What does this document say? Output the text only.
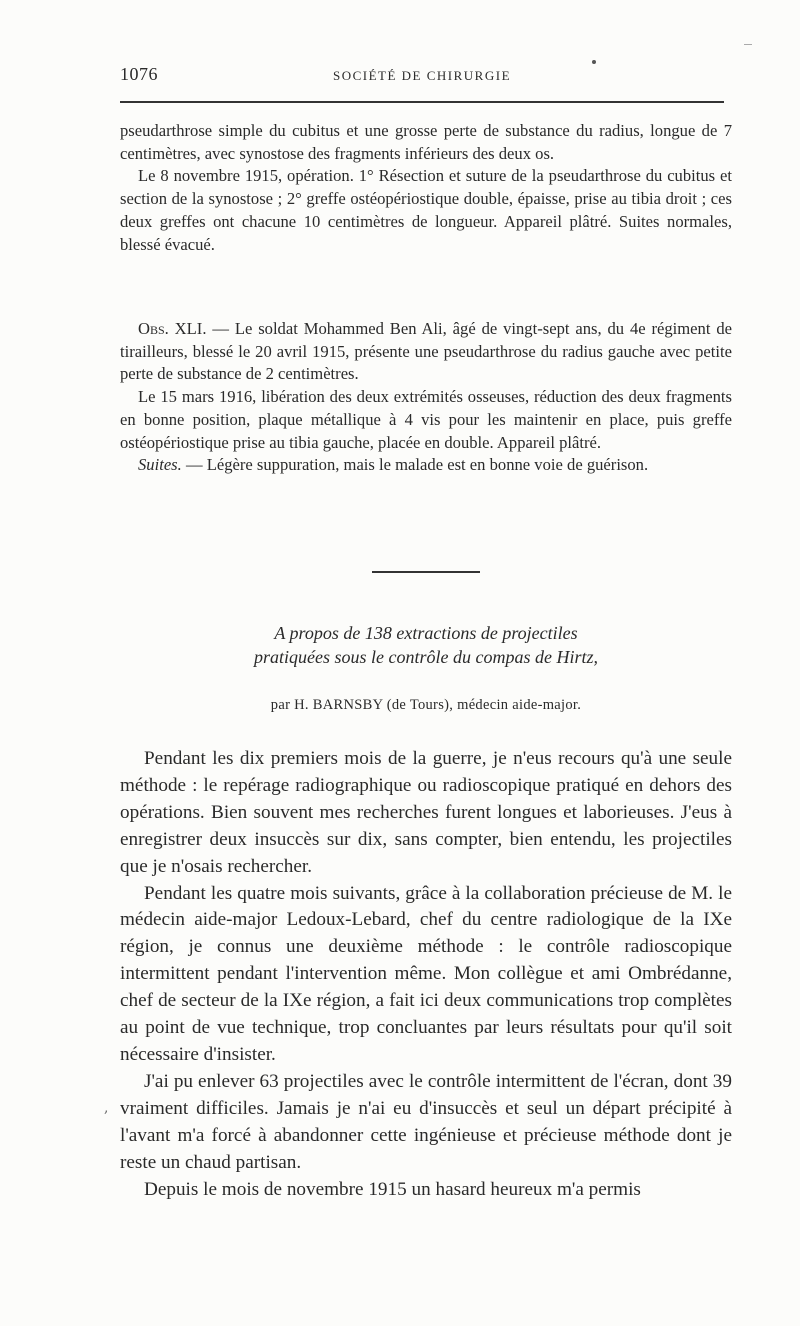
1076	SOCIÉTÉ DE CHIRURGIE

pseudarthrose simple du cubitus et une grosse perte de substance du radius, longue de 7 centimètres, avec synostose des fragments inférieurs des deux os.

Le 8 novembre 1915, opération. 1° Résection et suture de la pseudarthrose du cubitus et section de la synostose ; 2° greffe ostéopériostique double, épaisse, prise au tibia droit ; ces deux greffes ont chacune 10 centimètres de longueur. Appareil plâtré. Suites normales, blessé évacué.

Obs. XLI. — Le soldat Mohammed Ben Ali, âgé de vingt-sept ans, du 4e régiment de tirailleurs, blessé le 20 avril 1915, présente une pseudarthrose du radius gauche avec petite perte de substance de 2 centimètres.

Le 15 mars 1916, libération des deux extrémités osseuses, réduction des deux fragments en bonne position, plaque métallique à 4 vis pour les maintenir en place, puis greffe ostéopériostique prise au tibia gauche, placée en double. Appareil plâtré.

Suites. — Légère suppuration, mais le malade est en bonne voie de guérison.

A propos de 138 extractions de projectiles
pratiquées sous le contrôle du compas de Hirtz,
par H. BARNSBY (de Tours), médecin aide-major.

Pendant les dix premiers mois de la guerre, je n'eus recours qu'à une seule méthode : le repérage radiographique ou radioscopique pratiqué en dehors des opérations. Bien souvent mes recherches furent longues et laborieuses. J'eus à enregistrer deux insuccès sur dix, sans compter, bien entendu, les projectiles que je n'osais rechercher.

Pendant les quatre mois suivants, grâce à la collaboration précieuse de M. le médecin aide-major Ledoux-Lebard, chef du centre radiologique de la IXe région, je connus une deuxième méthode : le contrôle radioscopique intermittent pendant l'intervention même. Mon collègue et ami Ombrédanne, chef de secteur de la IXe région, a fait ici deux communications trop complètes au point de vue technique, trop concluantes par leurs résultats pour qu'il soit nécessaire d'insister.

J'ai pu enlever 63 projectiles avec le contrôle intermittent de l'écran, dont 39 vraiment difficiles. Jamais je n'ai eu d'insuccès et seul un départ précipité à l'avant m'a forcé à abandonner cette ingénieuse et précieuse méthode dont je reste un chaud partisan.

Depuis le mois de novembre 1915 un hasard heureux m'a permis

,
